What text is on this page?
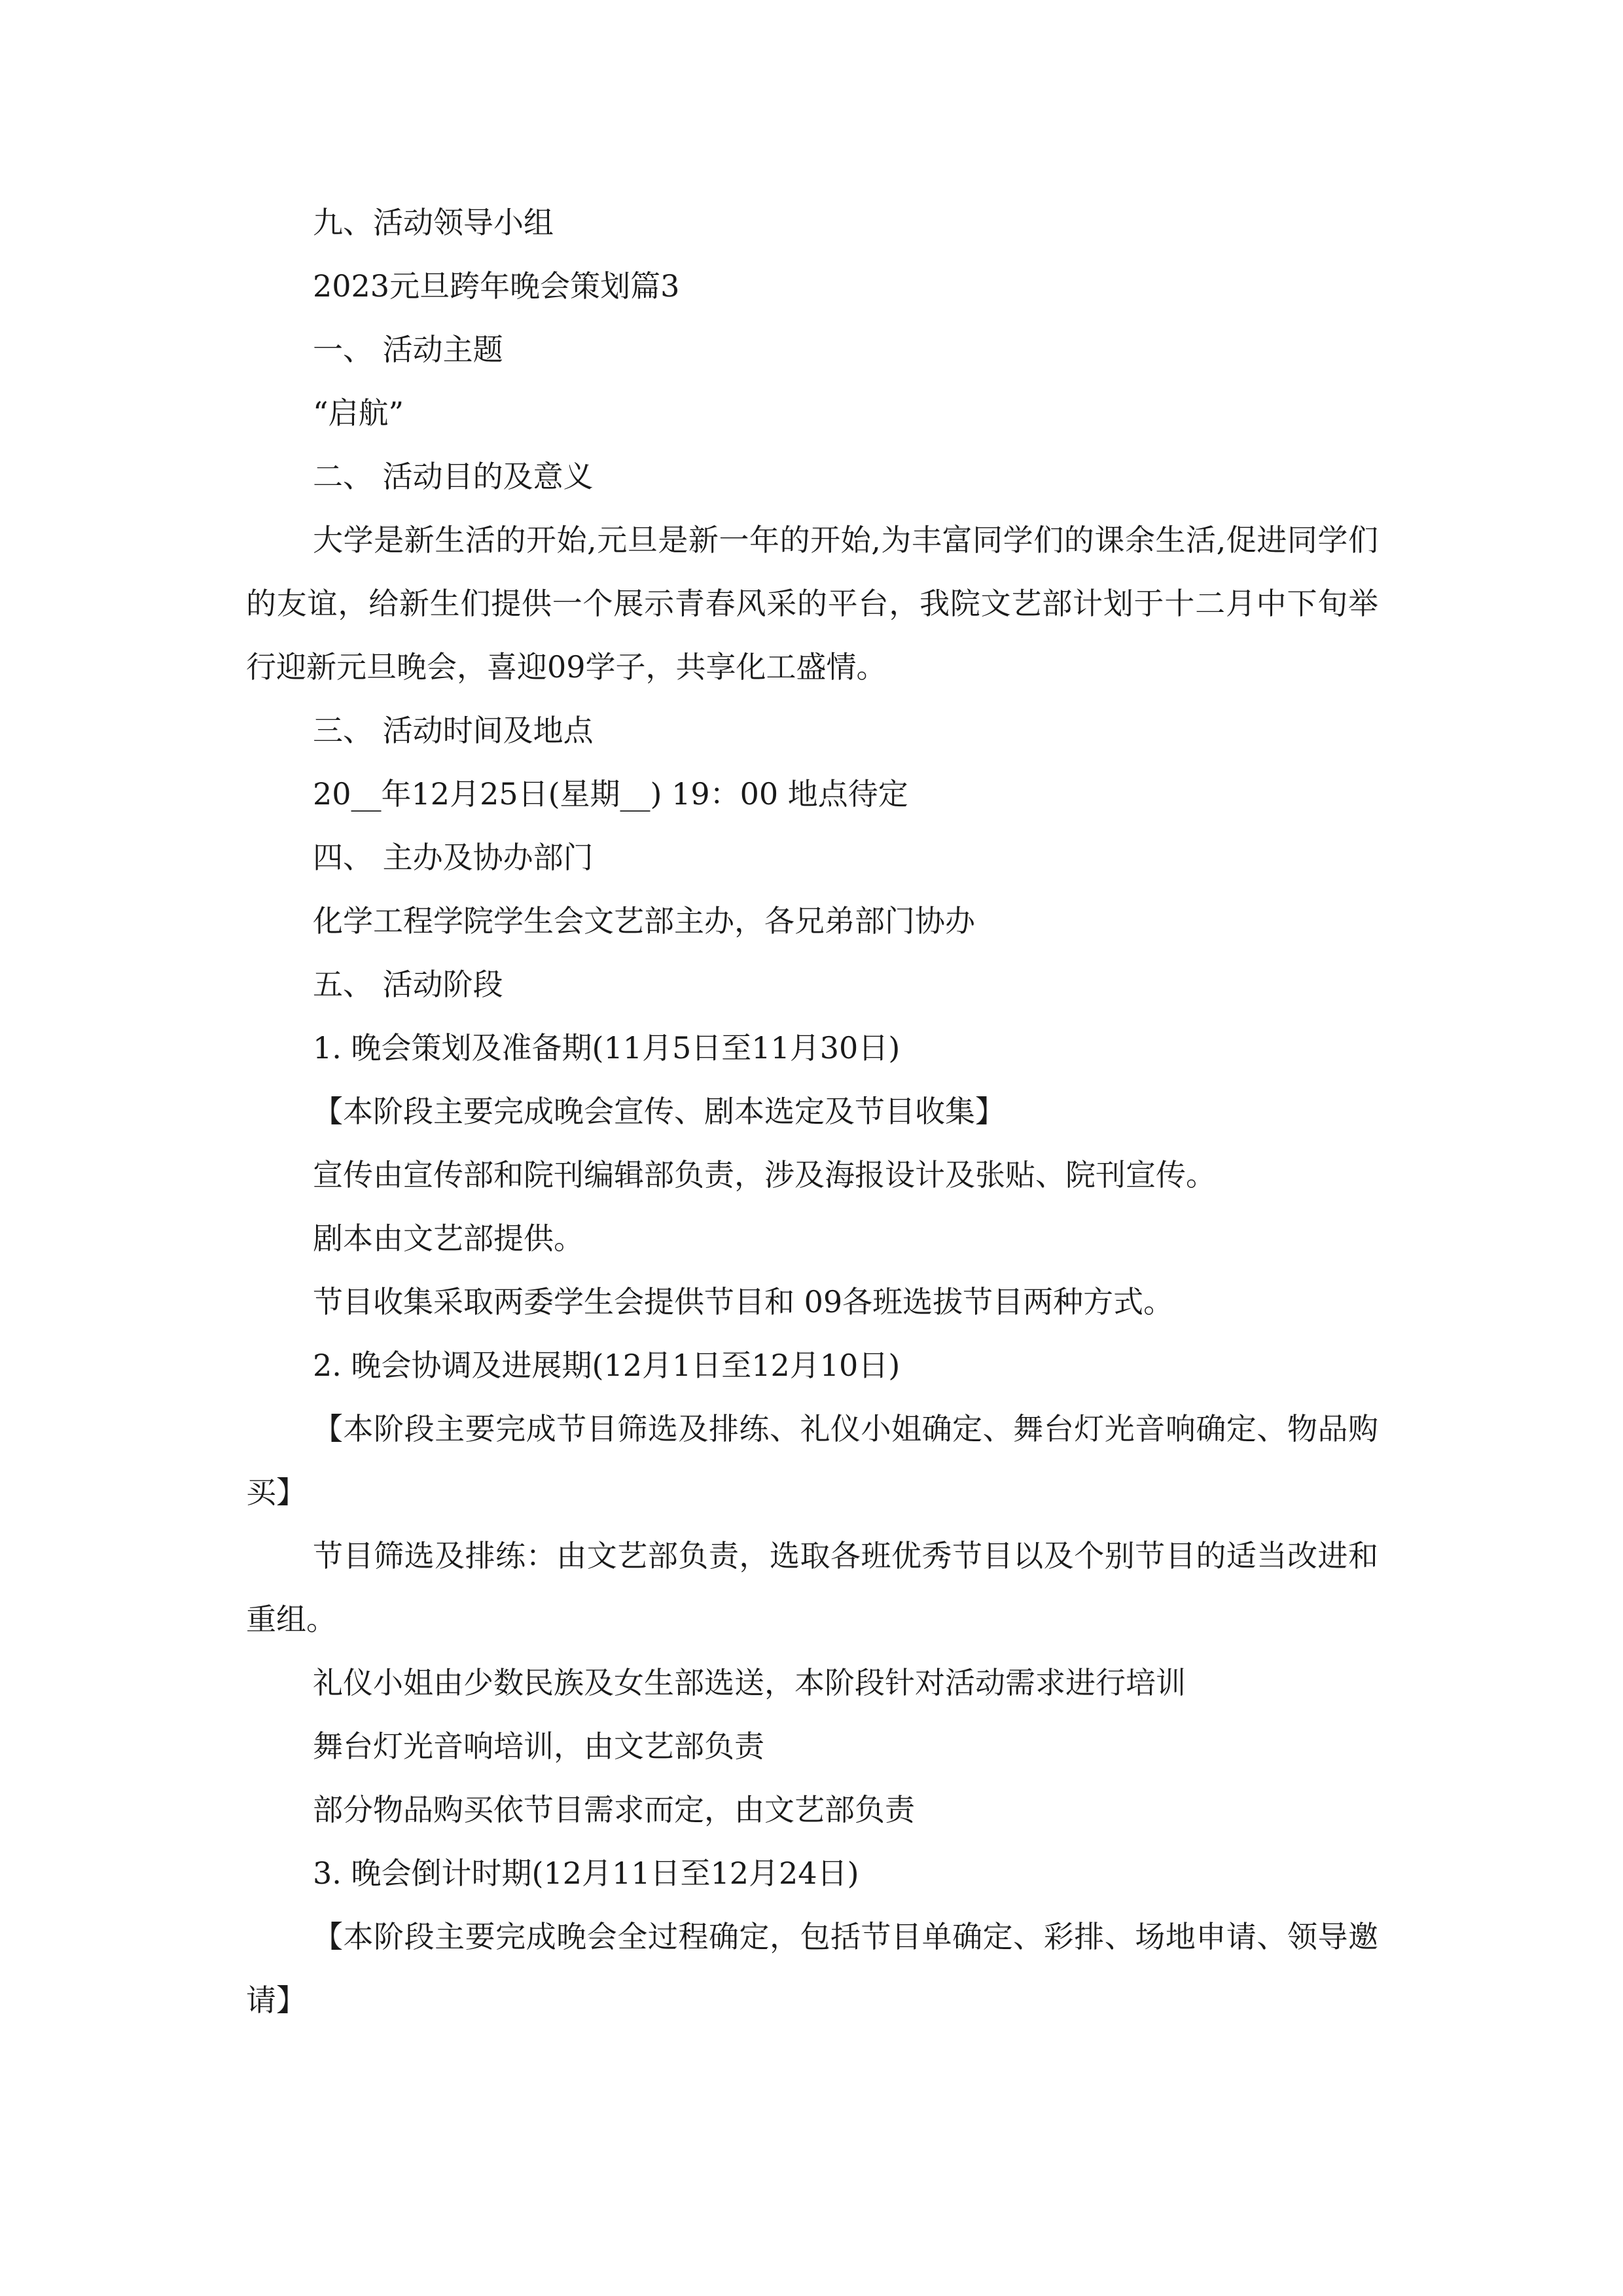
九、活动领导小组
2023元旦跨年晚会策划篇3
一、 活动主题
“启航”
二、 活动目的及意义
大学是新生活的开始,元旦是新一年的开始,为丰富同学们的课余生活,促进同学们的友谊，给新生们提供一个展示青春风采的平台，我院文艺部计划于十二月中下旬举行迎新元旦晚会，喜迎09学子，共享化工盛情。
三、 活动时间及地点
20__年12月25日(星期__) 19：00 地点待定
四、 主办及协办部门
化学工程学院学生会文艺部主办，各兄弟部门协办
五、 活动阶段
1. 晚会策划及准备期(11月5日至11月30日)
【本阶段主要完成晚会宣传、剧本选定及节目收集】
宣传由宣传部和院刊编辑部负责，涉及海报设计及张贴、院刊宣传。
剧本由文艺部提供。
节目收集采取两委学生会提供节目和 09各班选拔节目两种方式。
2. 晚会协调及进展期(12月1日至12月10日)
【本阶段主要完成节目筛选及排练、礼仪小姐确定、舞台灯光音响确定、物品购买】
节目筛选及排练：由文艺部负责，选取各班优秀节目以及个别节目的适当改进和重组。
礼仪小姐由少数民族及女生部选送，本阶段针对活动需求进行培训
舞台灯光音响培训，由文艺部负责
部分物品购买依节目需求而定，由文艺部负责
3. 晚会倒计时期(12月11日至12月24日)
【本阶段主要完成晚会全过程确定，包括节目单确定、彩排、场地申请、领导邀请】
